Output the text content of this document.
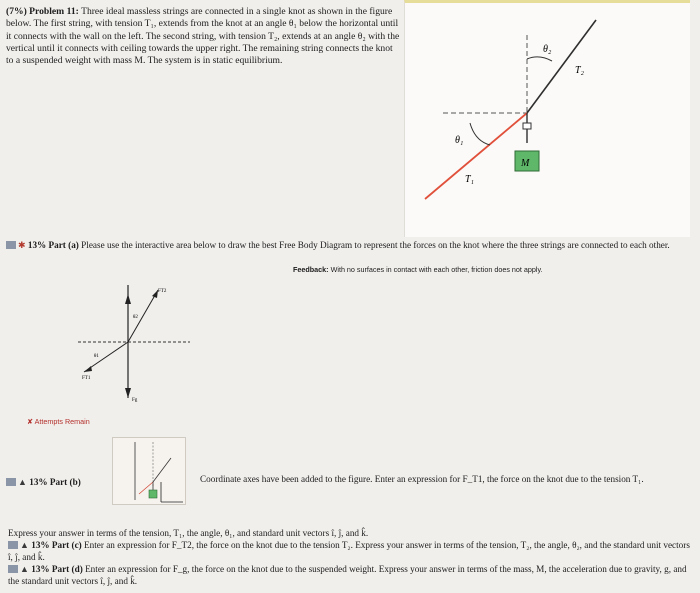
(7%) Problem 11: Three ideal massless strings are connected in a single knot as shown in the figure below. The first string, with tension T₁, extends from the knot at an angle θ₁ below the horizontal until it connects with the wall on the left. The second string, with tension T₂, extends at an angle θ₂ with the vertical until it connects with ceiling towards the upper right. The remaining string connects the knot to a suspended weight with mass M. The system is in static equilibrium.
θ₂
T₂
θ₁
T₁
M
✱ 13% Part (a) Please use the interactive area below to draw the best Free Body Diagram to represent the forces on the knot where the three strings are connected to each other.
Feedback: With no surfaces in contact with each other, friction does not apply.
FT2
θ2
θ1
FT1
Fg
✘ Attempts Remain
▲ 13% Part (b)	Coordinate axes have been added to the figure. Enter an expression for F_T1, the force on the knot due to the tension T₁.
Express your answer in terms of the tension, T₁, the angle, θ₁, and standard unit vectors î, ĵ, and k̂.
▲ 13% Part (c) Enter an expression for F_T2, the force on the knot due to the tension T₂. Express your answer in terms of the tension, T₂, the angle, θ₂, and the standard unit vectors î, ĵ, and k̂.
▲ 13% Part (d) Enter an expression for F_g, the force on the knot due to the suspended weight. Express your answer in terms of the mass, M, the acceleration due to gravity, g, and the standard unit vectors î, ĵ, and k̂.
